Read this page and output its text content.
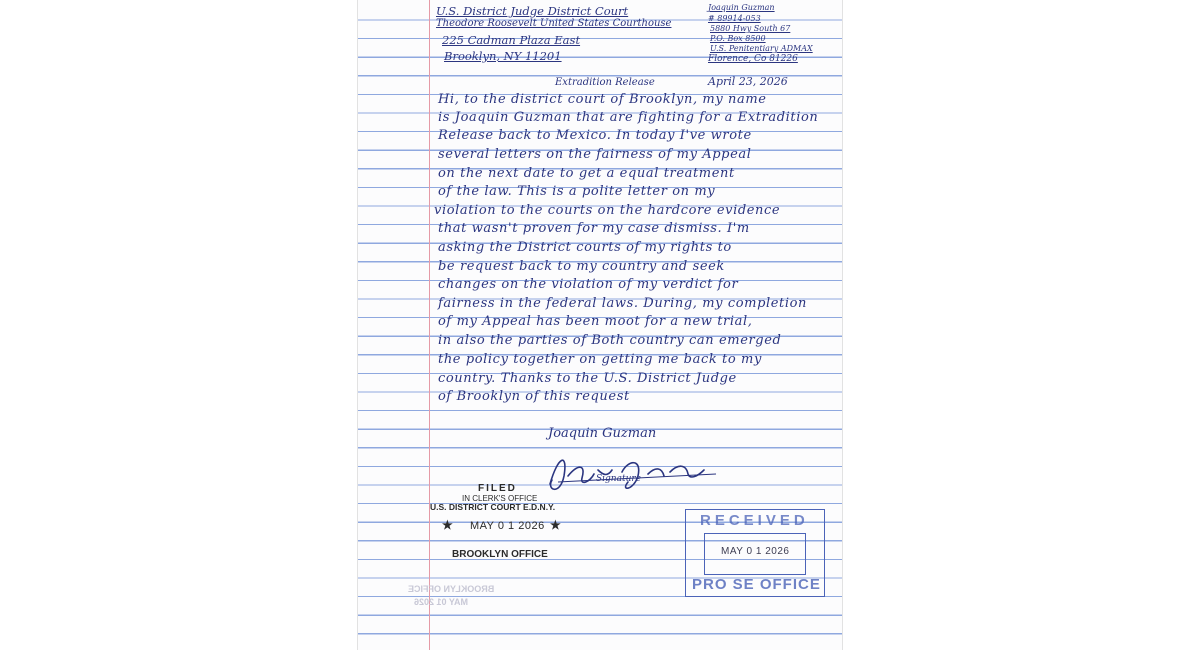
U.S. District Judge District Court
Theodore Roosevelt United States Courthouse
225 Cadman Plaza East
Brooklyn, NY 11201
Joaquin Guzman
# 89914-053
5880 Hwy South 67
P.O. Box 8500
U.S. Penitentiary ADMAX
Florence, Co 81226
Extradition Release	April 23, 2026
Hi, to the district court of Brooklyn, my name
is Joaquin Guzman that are fighting for a Extradition
Release back to Mexico. In today I've wrote
several letters on the fairness of my Appeal
on the next date to get a equal treatment
of the law. This is a polite letter on my
violation to the courts on the hardcore evidence
that wasn't proven for my case dismiss. I'm
asking the District courts of my rights to
be request back to my country and seek
changes on the violation of my verdict for
fairness in the federal laws. During, my completion
of my Appeal has been moot for a new trial,
in also the parties of Both country can emerged
the policy together on getting me back to my
country. Thanks to the U.S. District Judge
of Brooklyn of this request
Joaquin Guzman
Signature
FILED
IN CLERK'S OFFICE
U.S. DISTRICT COURT E.D.N.Y.
★ MAY 0 1 2026 ★
BROOKLYN OFFICE
RECEIVED
MAY 0 1 2026
PRO SE OFFICE
BROOKLYN OFFICE
MAY 01 2026
